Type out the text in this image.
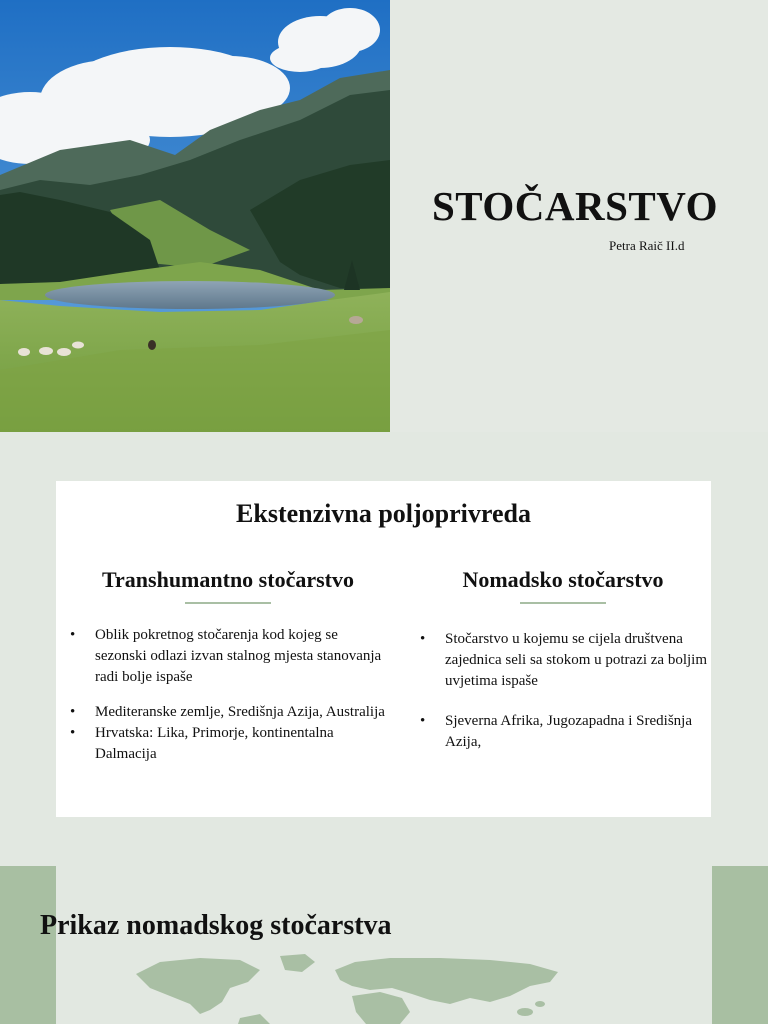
STOČARSTVO
Petra Raič II.d
Ekstenzivna poljoprivreda
Transhumantno stočarstvo
• Oblik pokretnog stočarenja kod kojeg se sezonski odlazi izvan stalnog mjesta stanovanja radi bolje ispaše
• Mediteranske zemlje, Središnja Azija, Australija
• Hrvatska: Lika, Primorje, kontinentalna Dalmacija
Nomadsko stočarstvo
• Stočarstvo u kojemu se cijela društvena zajednica seli sa stokom u potrazi za boljim uvjetima ispaše
• Sjeverna Afrika, Jugozapadna i Središnja Azija,
Prikaz nomadskog stočarstva
